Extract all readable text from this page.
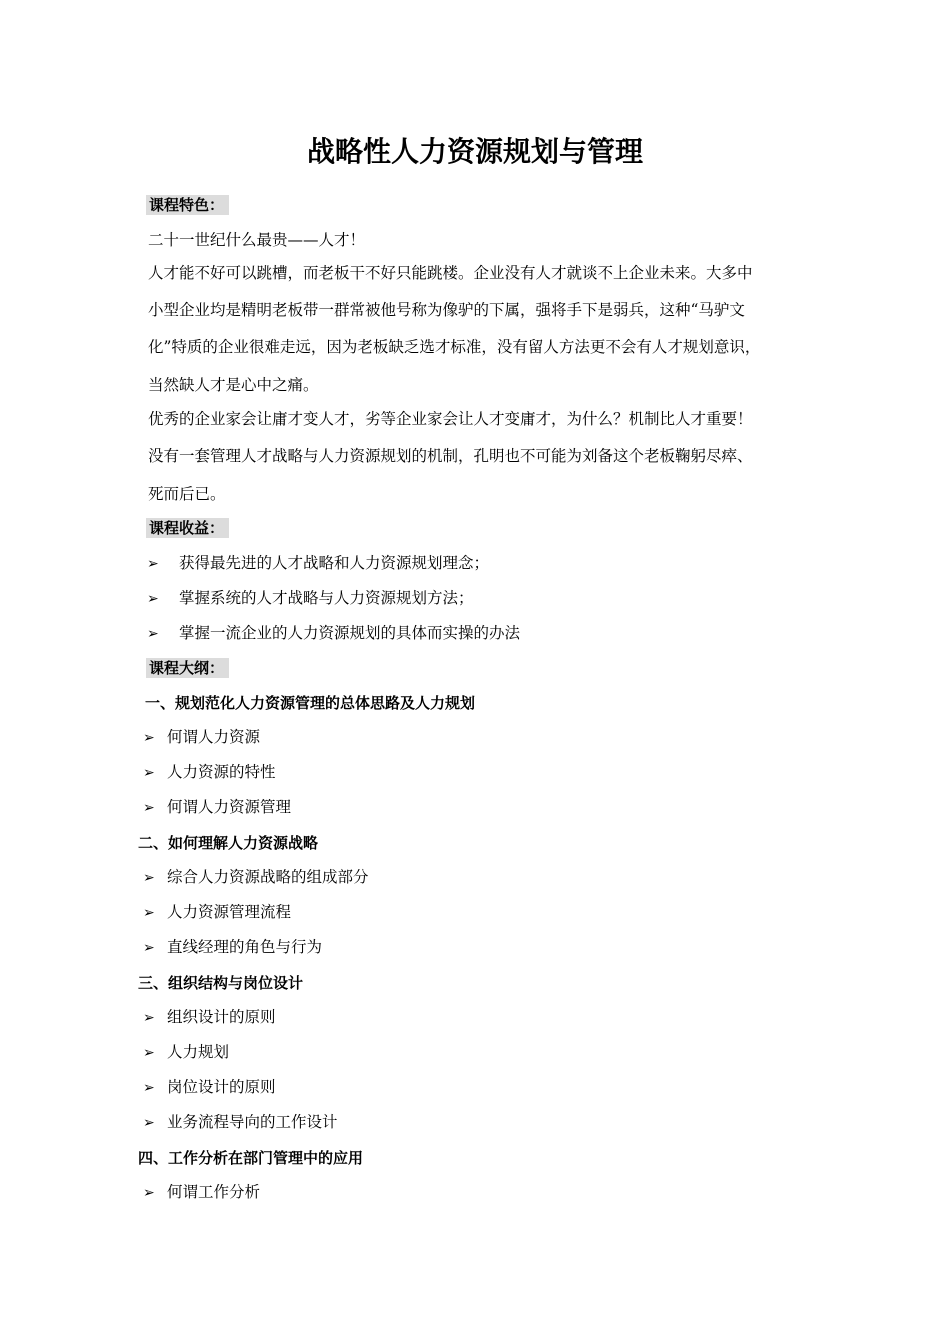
战略性人力资源规划与管理
课程特色：
二十一世纪什么最贵——人才！
人才能不好可以跳槽，而老板干不好只能跳楼。企业没有人才就谈不上企业未来。大多中
小型企业均是精明老板带一群常被他号称为像驴的下属，强将手下是弱兵，这种“马驴文
化”特质的企业很难走远，因为老板缺乏选才标准，没有留人方法更不会有人才规划意识，
当然缺人才是心中之痛。
优秀的企业家会让庸才变人才，劣等企业家会让人才变庸才，为什么？机制比人才重要！
没有一套管理人才战略与人力资源规划的机制，孔明也不可能为刘备这个老板鞠躬尽瘁、
死而后已。
课程收益：
➢ 获得最先进的人才战略和人力资源规划理念；
➢ 掌握系统的人才战略与人力资源规划方法；
➢ 掌握一流企业的人力资源规划的具体而实操的办法
课程大纲：
一、规划范化人力资源管理的总体思路及人力规划
➢ 何谓人力资源
➢ 人力资源的特性
➢ 何谓人力资源管理
二、如何理解人力资源战略
➢ 综合人力资源战略的组成部分
➢ 人力资源管理流程
➢ 直线经理的角色与行为
三、组织结构与岗位设计
➢ 组织设计的原则
➢ 人力规划
➢ 岗位设计的原则
➢ 业务流程导向的工作设计
四、工作分析在部门管理中的应用
➢ 何谓工作分析
